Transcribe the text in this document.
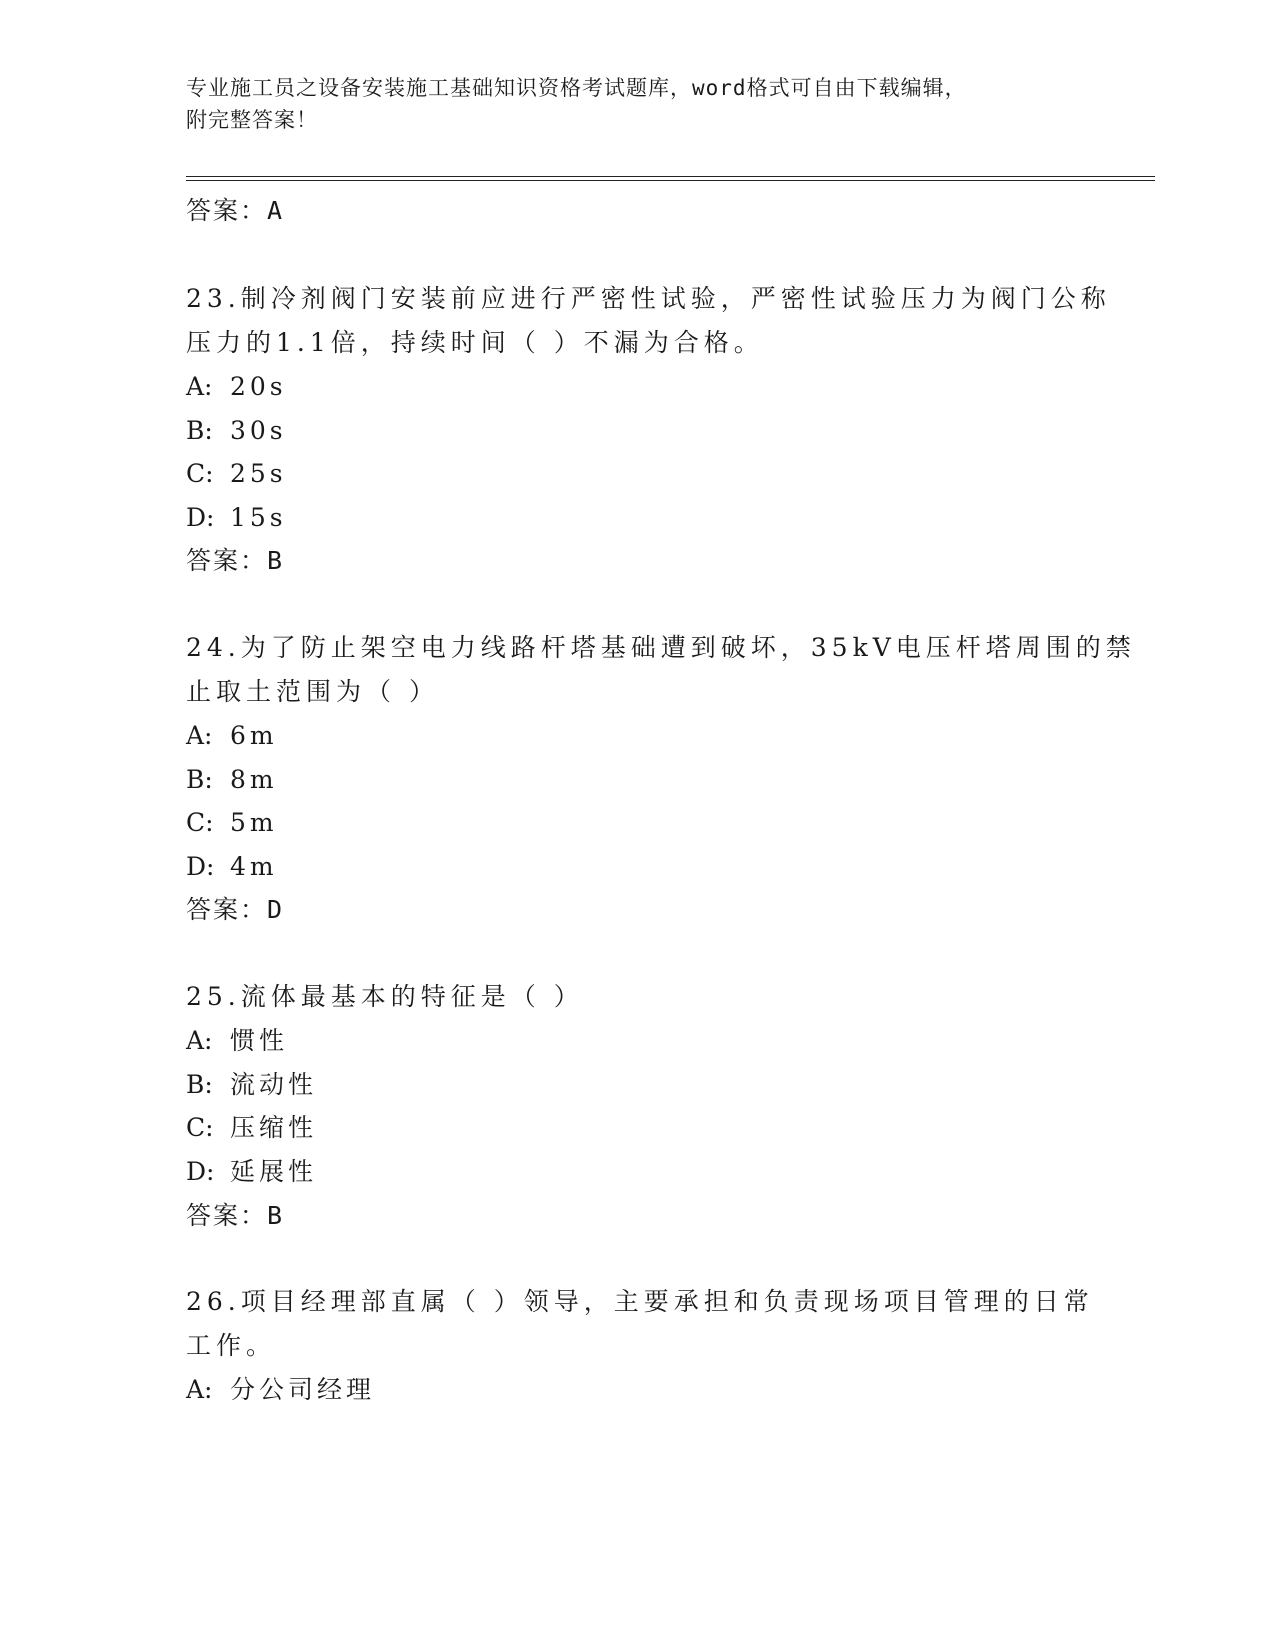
专业施工员之设备安装施工基础知识资格考试题库，word格式可自由下载编辑，
附完整答案！
答案：A
23.制冷剂阀门安装前应进行严密性试验，严密性试验压力为阀门公称
压力的1.1倍，持续时间（ ）不漏为合格。
A: 20s
B: 30s
C: 25s
D: 15s
答案：B
24.为了防止架空电力线路杆塔基础遭到破坏，35kV电压杆塔周围的禁
止取土范围为（ ）
A: 6m
B: 8m
C: 5m
D: 4m
答案：D
25.流体最基本的特征是（ ）
A: 惯性
B: 流动性
C: 压缩性
D: 延展性
答案：B
26.项目经理部直属（ ）领导，主要承担和负责现场项目管理的日常
工作。
A: 分公司经理
